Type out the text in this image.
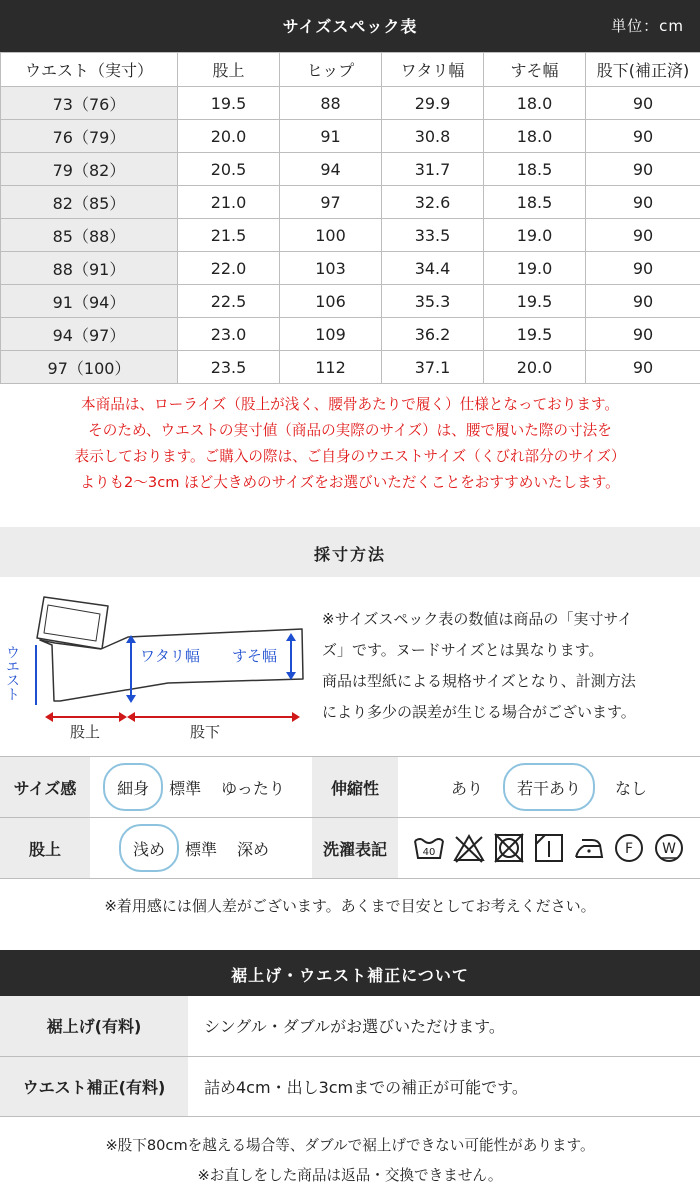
サイズスペック表	単位：cm
ウエスト（実寸）	股上	ヒップ	ワタリ幅	すそ幅	股下(補正済)
73（76）	19.5	88	29.9	18.0	90
76（79）	20.0	91	30.8	18.0	90
79（82）	20.5	94	31.7	18.5	90
82（85）	21.0	97	32.6	18.5	90
85（88）	21.5	100	33.5	19.0	90
88（91）	22.0	103	34.4	19.0	90
91（94）	22.5	106	35.3	19.5	90
94（97）	23.0	109	36.2	19.5	90
97（100）	23.5	112	37.1	20.0	90
本商品は、ローライズ（股上が浅く、腰骨あたりで履く）仕様となっております。
そのため、ウエストの実寸値（商品の実際のサイズ）は、腰で履いた際の寸法を
表示しております。ご購入の際は、ご自身のウエストサイズ（くびれ部分のサイズ）
よりも2〜3cm ほど大きめのサイズをお選びいただくことをおすすめいたします。
採寸方法
ウエスト	ワタリ幅 すそ幅
股上	股下
※サイズスペック表の数値は商品の「実寸サイ
ズ」です。ヌードサイズとは異なります。
商品は型紙による規格サイズとなり、計測方法
により多少の誤差が生じる場合がございます。
サイズ感	細身 標準 ゆったり	伸縮性	あり 若干あり なし

股上	浅め 標準 深め	洗濯表記	40 F W
※着用感には個人差がございます。あくまで目安としてお考えください。
裾上げ・ウエスト補正について
裾上げ(有料)	シングル・ダブルがお選びいただけます。
ウエスト補正(有料)	詰め4cm・出し3cmまでの補正が可能です。
※股下80cmを越える場合等、ダブルで裾上げできない可能性があります。
※お直しをした商品は返品・交換できません。
